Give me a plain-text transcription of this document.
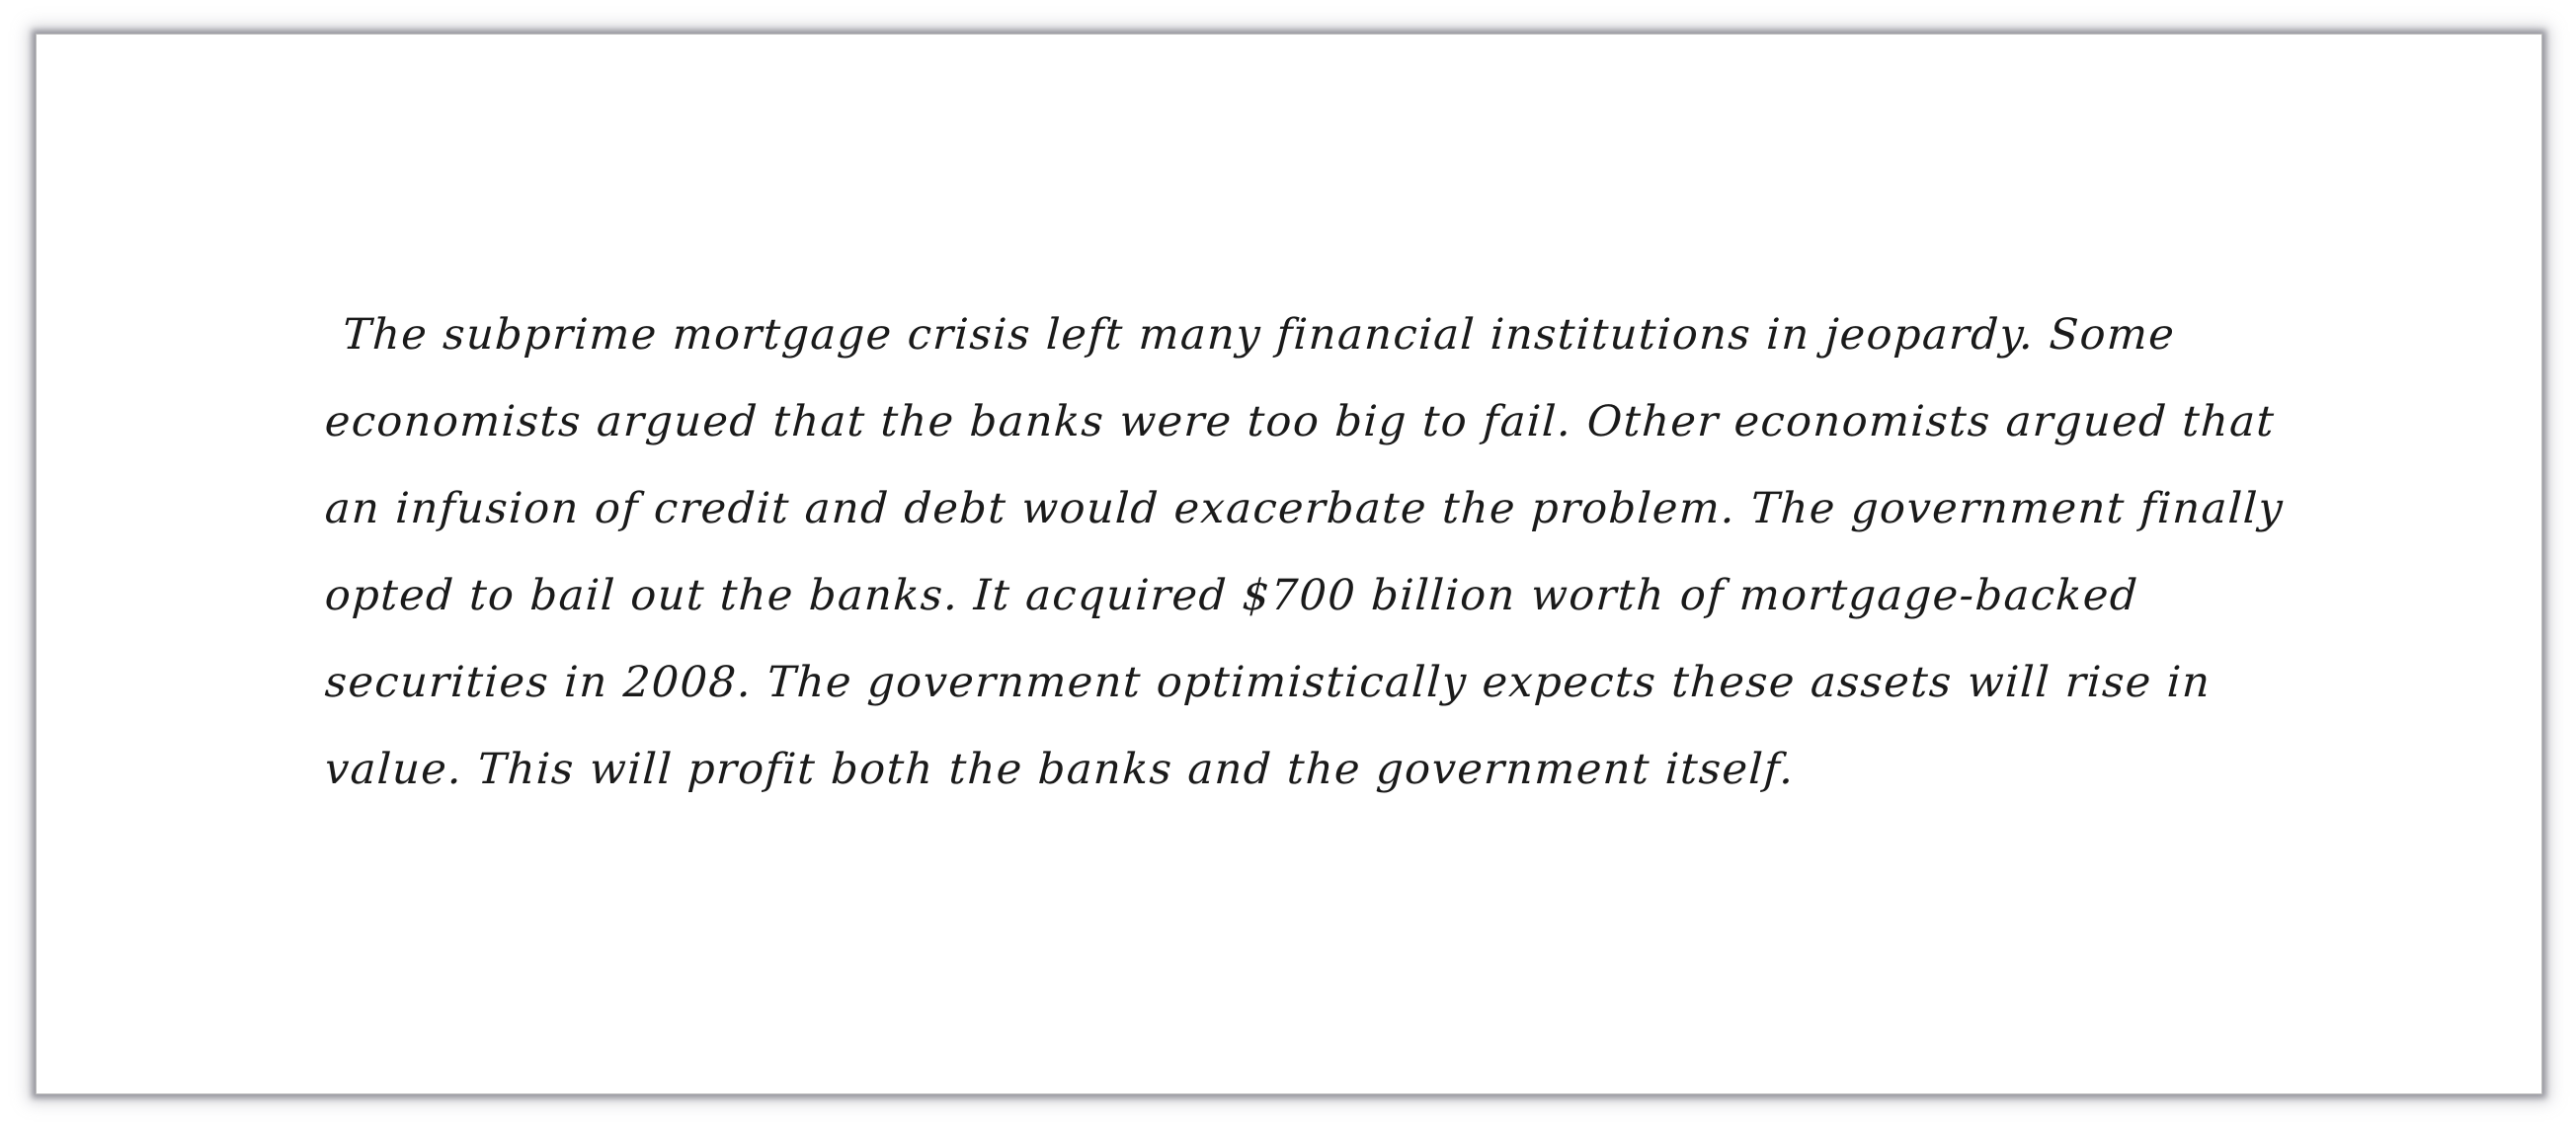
The subprime mortgage crisis left many financial institutions in jeopardy. Some
economists argued that the banks were too big to fail. Other economists argued that
an infusion of credit and debt would exacerbate the problem. The government finally
opted to bail out the banks. It acquired $700 billion worth of mortgage-backed
securities in 2008. The government optimistically expects these assets will rise in
value. This will profit both the banks and the government itself.
